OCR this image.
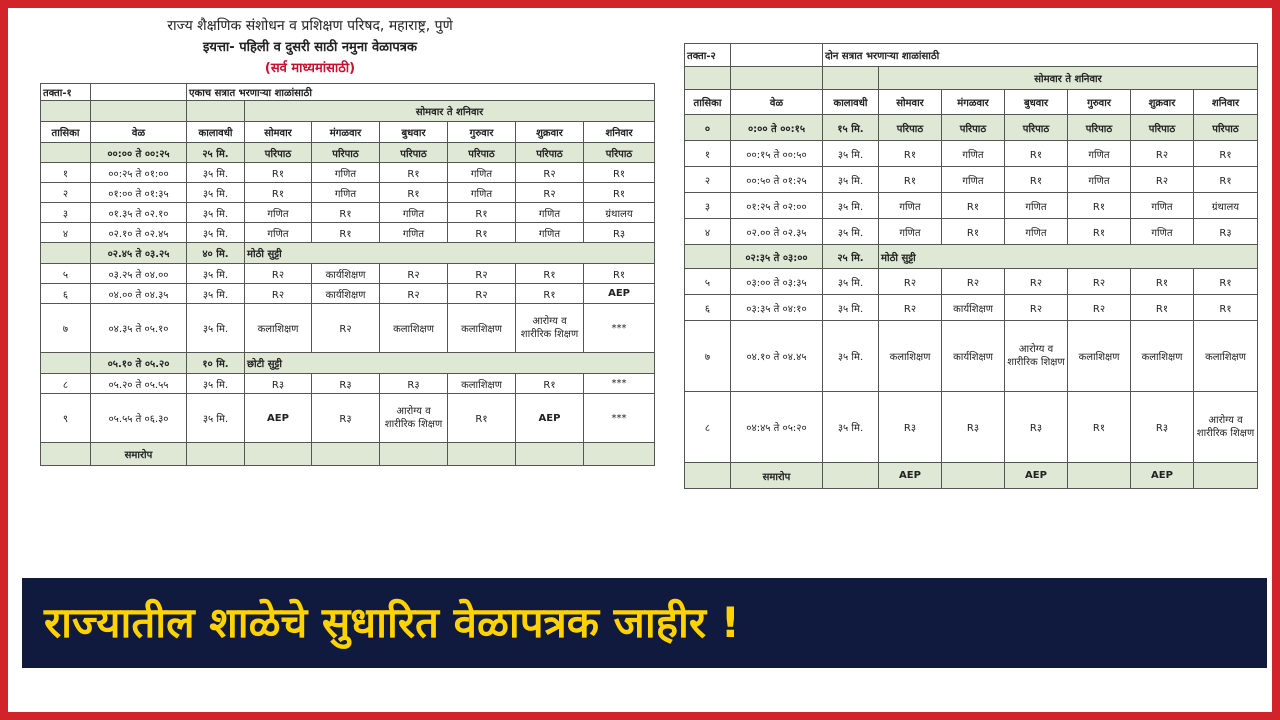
राज्य शैक्षणिक संशोधन व प्रशिक्षण परिषद, महाराष्ट्र, पुणे
इयत्ता- पहिली व दुसरी साठी नमुना वेळापत्रक
(सर्व माध्यमांसाठी)
तक्ता-१		एकाच सत्रात भरणाऱ्या शाळांसाठी						
			सोमवार ते शनिवार					
तासिका	वेळ	कालावधी	सोमवार	मंगळवार	बुधवार	गुरुवार	शुक्रवार	शनिवार
	००:०० ते ००:२५	२५ मि.	परिपाठ	परिपाठ	परिपाठ	परिपाठ	परिपाठ	परिपाठ
१	००:२५ ते ०१:००	३५ मि.	R१	गणित	R१	गणित	R२	R१
२	०१:०० ते ०१:३५	३५ मि.	R१	गणित	R१	गणित	R२	R१
३	०१.३५ ते ०२.१०	३५ मि.	गणित	R१	गणित	R१	गणित	ग्रंथालय
४	०२.१० ते ०२.४५	३५ मि.	गणित	R१	गणित	R१	गणित	R३
	०२.४५ ते ०३.२५	४० मि.	मोठी सुट्टी					
५	०३.२५ ते ०४.००	३५ मि.	R२	कार्यशिक्षण	R२	R२	R१	R१
६	०४.०० ते ०४.३५	३५ मि.	R२	कार्यशिक्षण	R२	R२	R१	AEP
७	०४.३५ ते ०५.१०	३५ मि.	कलाशिक्षण	R२	कलाशिक्षण	कलाशिक्षण	आरोग्य व शारीरिक शिक्षण	***
	०५.१० ते ०५.२०	१० मि.	छोटी सुट्टी					
८	०५.२० ते ०५.५५	३५ मि.	R३	R३	R३	कलाशिक्षण	R१	***
९	०५.५५ ते ०६.३०	३५ मि.	AEP	R३	आरोग्य व शारीरिक शिक्षण	R१	AEP	***
	समारोप							
तक्ता-२		दोन सत्रात भरणाऱ्या शाळांसाठी						
			सोमवार ते शनिवार					
तासिका	वेळ	कालावधी	सोमवार	मंगळवार	बुधवार	गुरुवार	शुक्रवार	शनिवार
०	०:०० ते ००:१५	१५ मि.	परिपाठ	परिपाठ	परिपाठ	परिपाठ	परिपाठ	परिपाठ
१	००:१५ ते ००:५०	३५ मि.	R१	गणित	R१	गणित	R२	R१
२	००:५० ते ०१:२५	३५ मि.	R१	गणित	R१	गणित	R२	R१
३	०१:२५ ते ०२:००	३५ मि.	गणित	R१	गणित	R१	गणित	ग्रंथालय
४	०२.०० ते ०२.३५	३५ मि.	गणित	R१	गणित	R१	गणित	R३
	०२:३५ ते ०३:००	२५ मि.	मोठी सुट्टी					
५	०३:०० ते ०३:३५	३५ मि.	R२	R२	R२	R२	R१	R१
६	०३:३५ ते ०४:१०	३५ मि.	R२	कार्यशिक्षण	R२	R२	R१	R१
७	०४.१० ते ०४.४५	३५ मि.	कलाशिक्षण	कार्यशिक्षण	आरोग्य व शारीरिक शिक्षण	कलाशिक्षण	कलाशिक्षण	कलाशिक्षण
८	०४:४५ ते ०५:२०	३५ मि.	R३	R३	R३	R१	R३	आरोग्य व शारीरिक शिक्षण
	समारोप		AEP		AEP		AEP	
राज्यातील शाळेचे सुधारित वेळापत्रक जाहीर !
